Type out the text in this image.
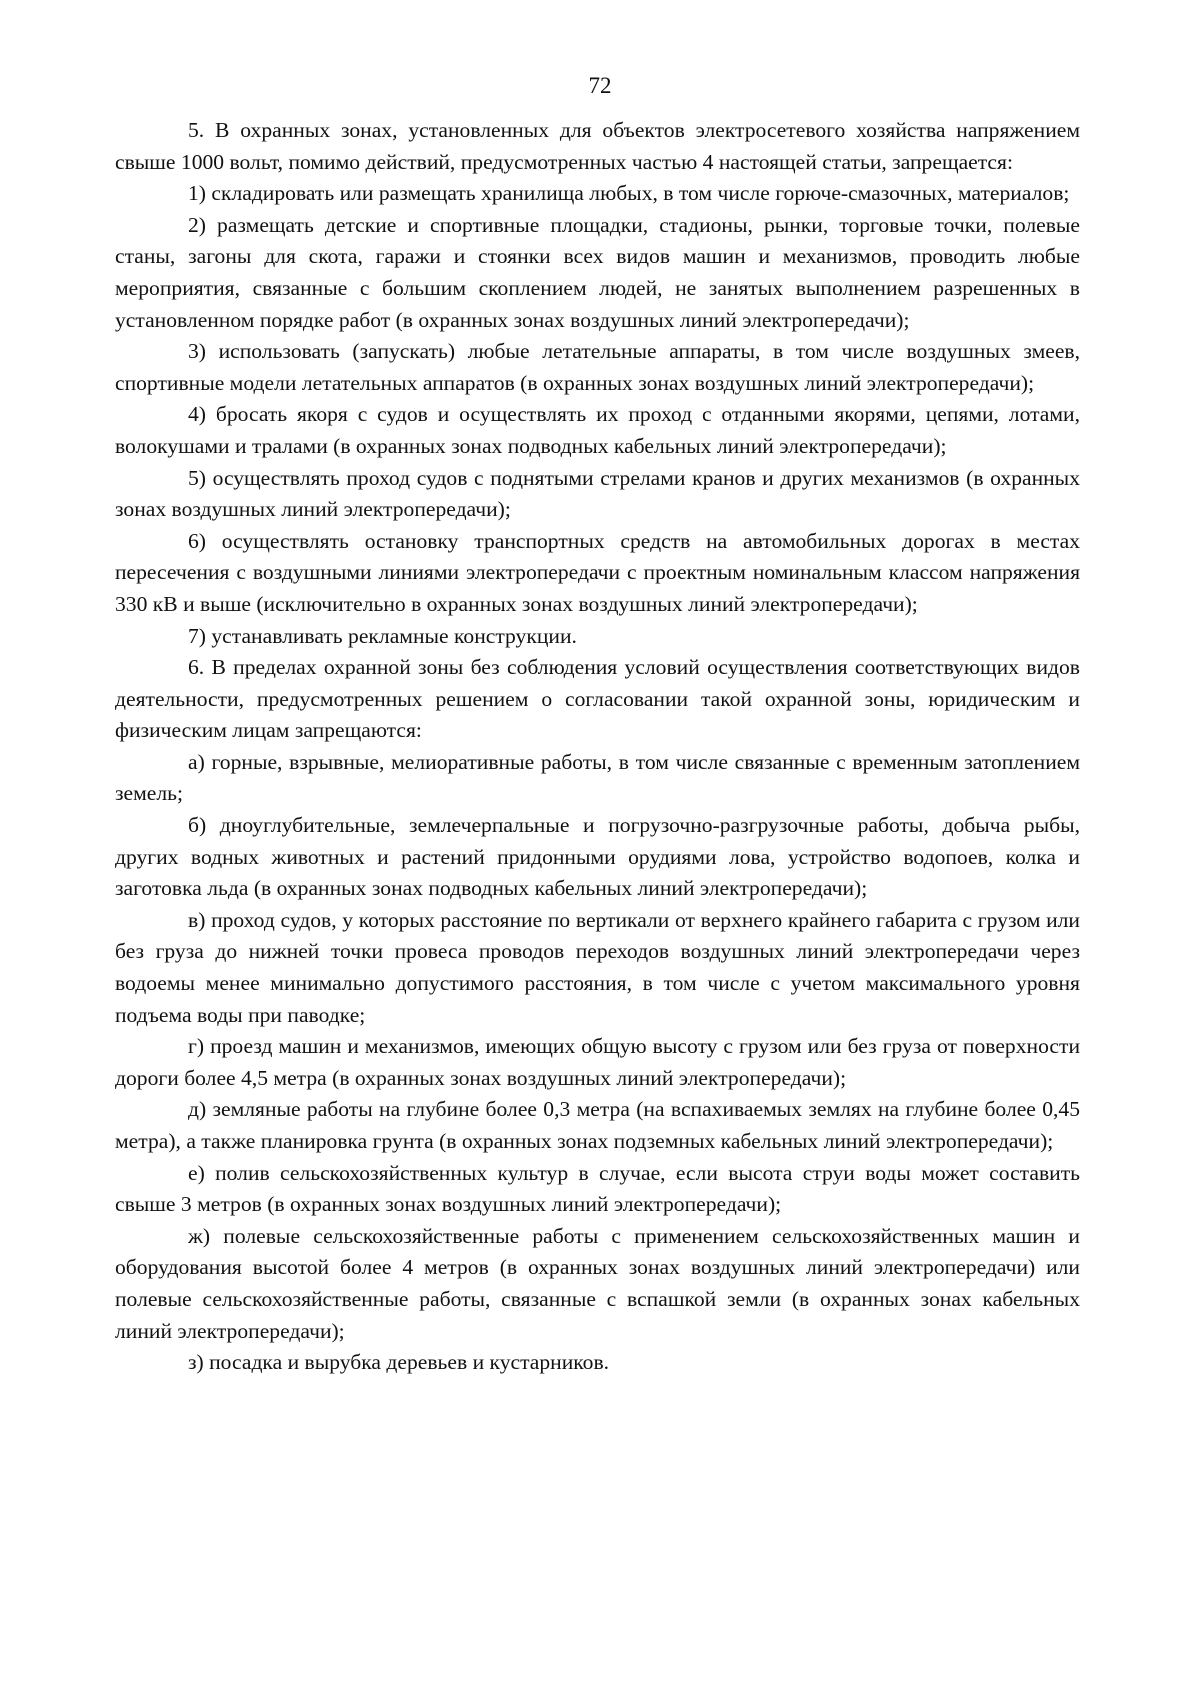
72

5. В охранных зонах, установленных для объектов электросетевого хозяйства напряжением свыше 1000 вольт, помимо действий, предусмотренных частью 4 настоящей статьи, запрещается:

1) складировать или размещать хранилища любых, в том числе горюче-смазочных, материалов;

2) размещать детские и спортивные площадки, стадионы, рынки, торговые точки, полевые станы, загоны для скота, гаражи и стоянки всех видов машин и механизмов, проводить любые мероприятия, связанные с большим скоплением людей, не занятых выполнением разрешенных в установленном порядке работ (в охранных зонах воздушных линий электропередачи);

3) использовать (запускать) любые летательные аппараты, в том числе воздушных змеев, спортивные модели летательных аппаратов (в охранных зонах воздушных линий электропередачи);

4) бросать якоря с судов и осуществлять их проход с отданными якорями, цепями, лотами, волокушами и тралами (в охранных зонах подводных кабельных линий электропередачи);

5) осуществлять проход судов с поднятыми стрелами кранов и других механизмов (в охранных зонах воздушных линий электропередачи);

6) осуществлять остановку транспортных средств на автомобильных дорогах в местах пересечения с воздушными линиями электропередачи с проектным номинальным классом напряжения 330 кВ и выше (исключительно в охранных зонах воздушных линий электропередачи);

7) устанавливать рекламные конструкции.

6. В пределах охранной зоны без соблюдения условий осуществления соответствующих видов деятельности, предусмотренных решением о согласовании такой охранной зоны, юридическим и физическим лицам запрещаются:

а) горные, взрывные, мелиоративные работы, в том числе связанные с временным затоплением земель;

б) дноуглубительные, землечерпальные и погрузочно-разгрузочные работы, добыча рыбы, других водных животных и растений придонными орудиями лова, устройство водопоев, колка и заготовка льда (в охранных зонах подводных кабельных линий электропередачи);

в) проход судов, у которых расстояние по вертикали от верхнего крайнего габарита с грузом или без груза до нижней точки провеса проводов переходов воздушных линий электропередачи через водоемы менее минимально допустимого расстояния, в том числе с учетом максимального уровня подъема воды при паводке;

г) проезд машин и механизмов, имеющих общую высоту с грузом или без груза от поверхности дороги более 4,5 метра (в охранных зонах воздушных линий электропередачи);

д) земляные работы на глубине более 0,3 метра (на вспахиваемых землях на глубине более 0,45 метра), а также планировка грунта (в охранных зонах подземных кабельных линий электропередачи);

е) полив сельскохозяйственных культур в случае, если высота струи воды может составить свыше 3 метров (в охранных зонах воздушных линий электропередачи);

ж) полевые сельскохозяйственные работы с применением сельскохозяйственных машин и оборудования высотой более 4 метров (в охранных зонах воздушных линий электропередачи) или полевые сельскохозяйственные работы, связанные с вспашкой земли (в охранных зонах кабельных линий электропередачи);

з) посадка и вырубка деревьев и кустарников.
